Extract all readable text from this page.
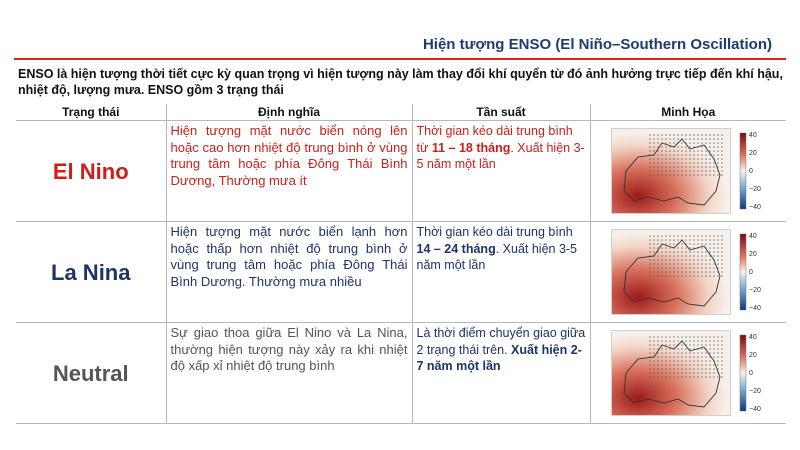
Hiện tượng ENSO (El Niño–Southern Oscillation)
ENSO là hiện tượng thời tiết cực kỳ quan trọng vì hiện tượng này làm thay đổi khí quyển từ đó ảnh hưởng trực tiếp đến khí hậu, nhiệt độ, lượng mưa. ENSO gồm 3 trạng thái
Trạng thái	Định nghĩa	Tần suất	Minh Họa
El Nino	Hiện tượng mặt nước biển nóng lên hoặc cao hơn nhiệt độ trung bình ở vùng trung tâm hoặc phía Đông Thái Bình Dương, Thường mưa ít	Thời gian kéo dài trung bình từ 11 – 18 tháng. Xuất hiện 3-5 năm một lần	

La Nina	Hiện tượng mặt nước biển lạnh hơn hoặc thấp hơn nhiệt độ trung bình ở vùng trung tâm hoặc phía Đông Thái Bình Dương. Thường mưa nhiều	Thời gian kéo dài trung bình 14 – 24 tháng. Xuất hiện 3-5 năm một lần	

Neutral	Sự giao thoa giữa El Nino và La Nina, thường hiện tượng này xảy ra khi nhiệt độ xấp xỉ nhiệt độ trung bình	Là thời điểm chuyển giao giữa 2 trạng thái trên. Xuất hiện 2-7 năm một lần	
